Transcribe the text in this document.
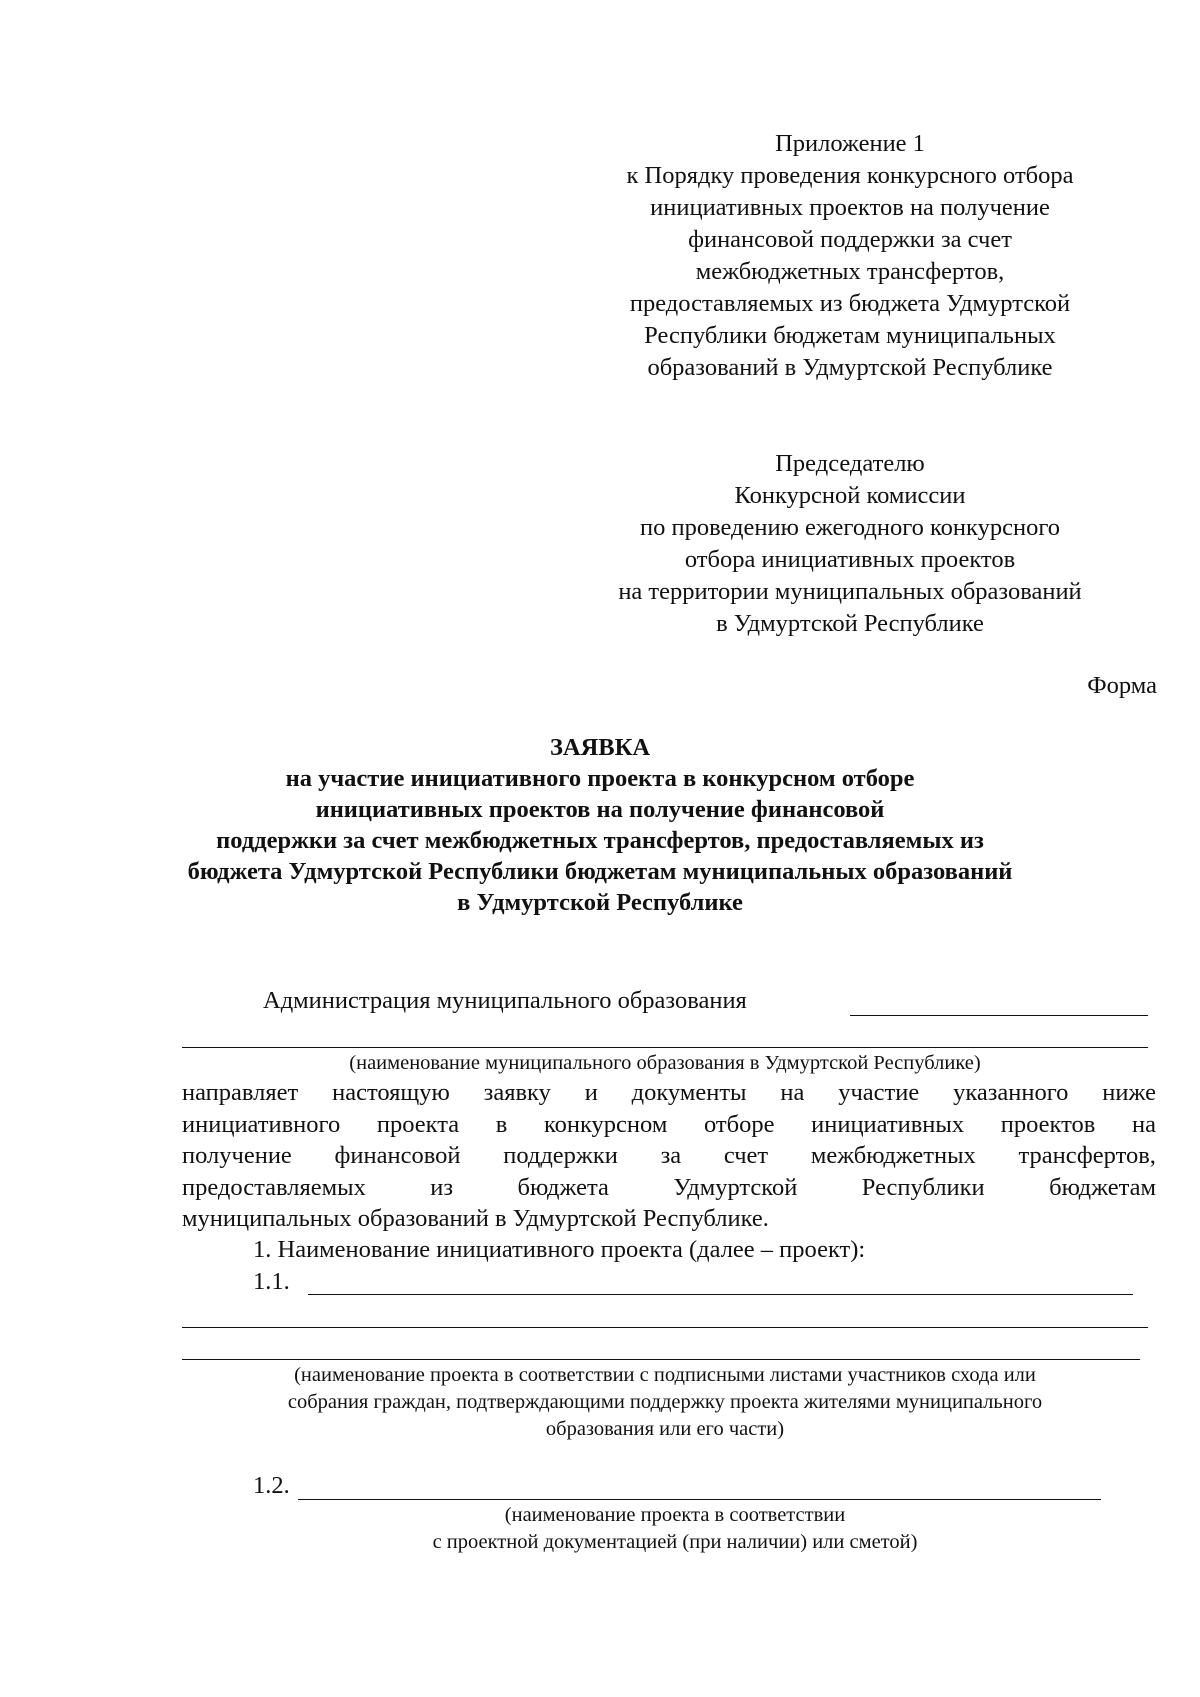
Приложение 1
к Порядку проведения конкурсного отбора
инициативных проектов на получение
финансовой поддержки за счет
межбюджетных трансфертов,
предоставляемых из бюджета Удмуртской
Республики бюджетам муниципальных
образований в Удмуртской Республике
Председателю
Конкурсной комиссии
по проведению ежегодного конкурсного
отбора инициативных проектов
на территории муниципальных образований
в Удмуртской Республике
Форма
ЗАЯВКА
на участие инициативного проекта в конкурсном отборе
инициативных проектов на получение финансовой
поддержки за счет межбюджетных трансфертов, предоставляемых из
бюджета Удмуртской Республики бюджетам муниципальных образований
в Удмуртской Республике
Администрация муниципального образования
(наименование муниципального образования в Удмуртской Республике)
направляет настоящую заявку и документы на участие указанного ниже
инициативного проекта в конкурсном отборе инициативных проектов на
получение финансовой поддержки за счет межбюджетных трансфертов,
предоставляемых	из	бюджета	Удмуртской	Республики	бюджетам
муниципальных образований в Удмуртской Республике.
1. Наименование инициативного проекта (далее – проект):
1.1.
(наименование проекта в соответствии с подписными листами участников схода или
собрания граждан, подтверждающими поддержку проекта жителями муниципального
образования или его части)
1.2.
(наименование проекта в соответствии
с проектной документацией (при наличии) или сметой)
